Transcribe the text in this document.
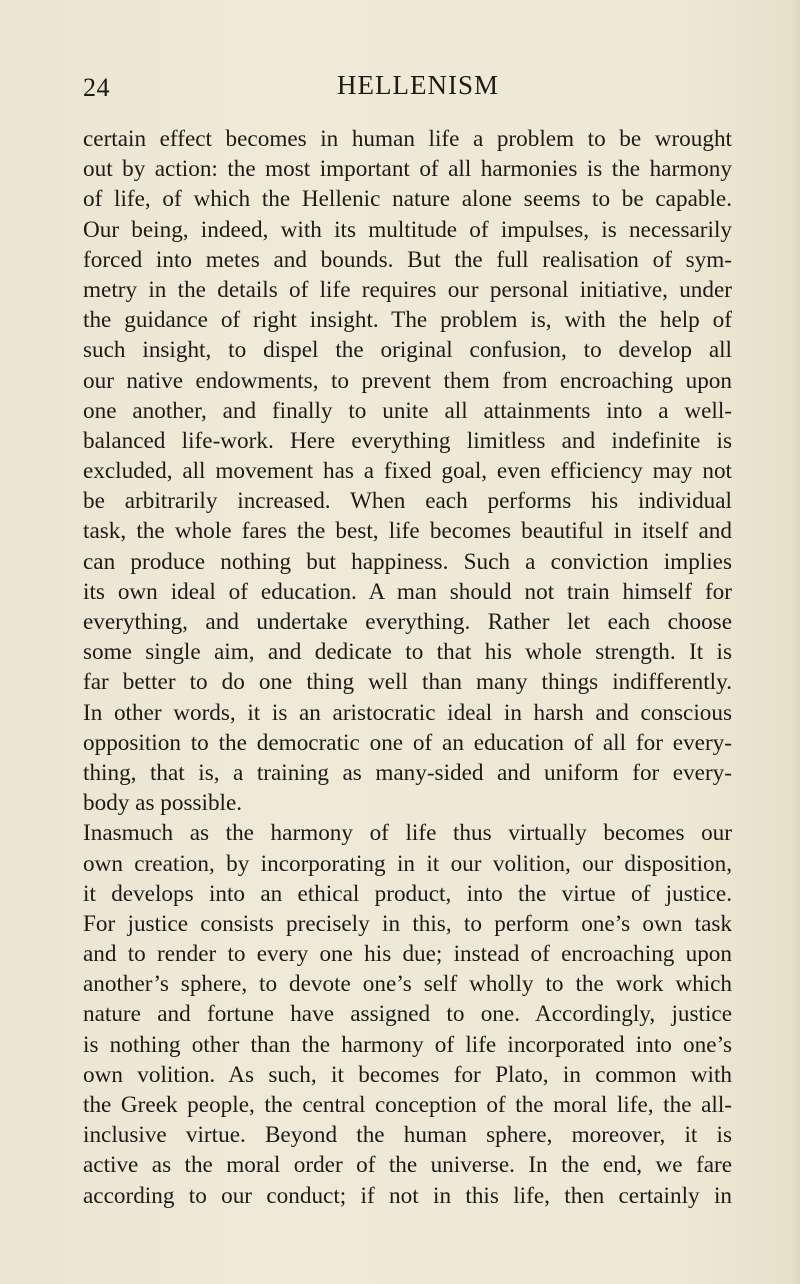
24	HELLENISM
certain effect becomes in human life a problem to be wrought
out by action: the most important of all harmonies is the harmony
of life, of which the Hellenic nature alone seems to be capable.
Our being, indeed, with its multitude of impulses, is necessarily
forced into metes and bounds. But the full realisation of sym-
metry in the details of life requires our personal initiative, under
the guidance of right insight. The problem is, with the help of
such insight, to dispel the original confusion, to develop all
our native endowments, to prevent them from encroaching upon
one another, and finally to unite all attainments into a well-
balanced life-work. Here everything limitless and indefinite is
excluded, all movement has a fixed goal, even efficiency may not
be arbitrarily increased. When each performs his individual
task, the whole fares the best, life becomes beautiful in itself and
can produce nothing but happiness. Such a conviction implies
its own ideal of education. A man should not train himself for
everything, and undertake everything. Rather let each choose
some single aim, and dedicate to that his whole strength. It is
far better to do one thing well than many things indifferently.
In other words, it is an aristocratic ideal in harsh and conscious
opposition to the democratic one of an education of all for every-
thing, that is, a training as many-sided and uniform for every-
body as possible.
Inasmuch as the harmony of life thus virtually becomes our
own creation, by incorporating in it our volition, our disposition,
it develops into an ethical product, into the virtue of justice.
For justice consists precisely in this, to perform one’s own task
and to render to every one his due; instead of encroaching upon
another’s sphere, to devote one’s self wholly to the work which
nature and fortune have assigned to one. Accordingly, justice
is nothing other than the harmony of life incorporated into one’s
own volition. As such, it becomes for Plato, in common with
the Greek people, the central conception of the moral life, the all-
inclusive virtue. Beyond the human sphere, moreover, it is
active as the moral order of the universe. In the end, we fare
according to our conduct; if not in this life, then certainly in
